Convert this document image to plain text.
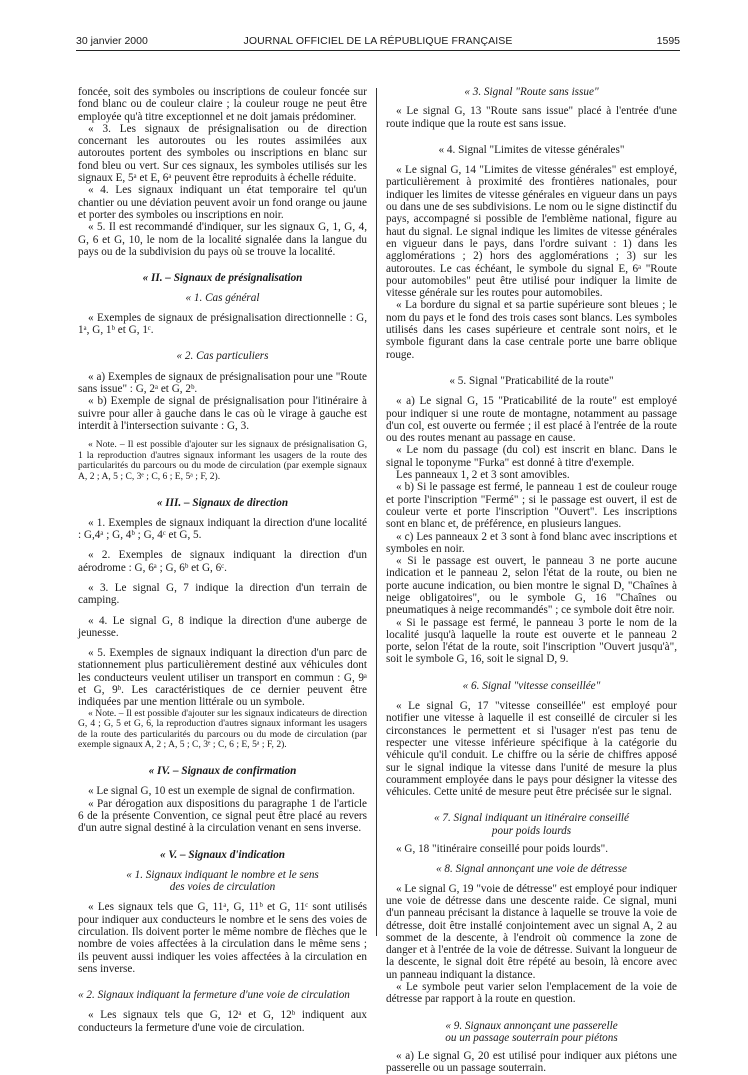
30 janvier 2000	JOURNAL OFFICIEL DE LA RÉPUBLIQUE FRANÇAISE	1595

foncée, soit des symboles ou inscriptions de couleur foncée sur fond blanc ou de couleur claire ; la couleur rouge ne peut être employée qu'à titre exceptionnel et ne doit jamais prédominer.

« 3. Les signaux de présignalisation ou de direction concernant les autoroutes ou les routes assimilées aux autoroutes portent des symboles ou inscriptions en blanc sur fond bleu ou vert. Sur ces signaux, les symboles utilisés sur les signaux E, 5ᵃ et E, 6ᵃ peuvent être reproduits à échelle réduite.

« 4. Les signaux indiquant un état temporaire tel qu'un chantier ou une déviation peuvent avoir un fond orange ou jaune et porter des symboles ou inscriptions en noir.

« 5. Il est recommandé d'indiquer, sur les signaux G, 1, G, 4, G, 6 et G, 10, le nom de la localité signalée dans la langue du pays ou de la subdivision du pays où se trouve la localité.

« II. – Signaux de présignalisation

« 1. Cas général

« Exemples de signaux de présignalisation directionnelle : G, 1ᵃ, G, 1ᵇ et G, 1ᶜ.

« 2. Cas particuliers

« a) Exemples de signaux de présignalisation pour une "Route sans issue" : G, 2ᵃ et G, 2ᵇ.

« b) Exemple de signal de présignalisation pour l'itinéraire à suivre pour aller à gauche dans le cas où le virage à gauche est interdit à l'intersection suivante : G, 3.

« Note. – Il est possible d'ajouter sur les signaux de présignalisation G, 1 la reproduction d'autres signaux informant les usagers de la route des particularités du parcours ou du mode de circulation (par exemple signaux A, 2 ; A, 5 ; C, 3ᵉ ; C, 6 ; E, 5ᵃ ; F, 2).

« III. – Signaux de direction

« 1. Exemples de signaux indiquant la direction d'une localité : G,4ᵃ ; G, 4ᵇ ; G, 4ᶜ et G, 5.

« 2. Exemples de signaux indiquant la direction d'un aérodrome : G, 6ᵃ ; G, 6ᵇ et G, 6ᶜ.

« 3. Le signal G, 7 indique la direction d'un terrain de camping.

« 4. Le signal G, 8 indique la direction d'une auberge de jeunesse.

« 5. Exemples de signaux indiquant la direction d'un parc de stationnement plus particulièrement destiné aux véhicules dont les conducteurs veulent utiliser un transport en commun : G, 9ᵃ et G, 9ᵇ. Les caractéristiques de ce dernier peuvent être indiquées par une mention littérale ou un symbole.

« Note. – Il est possible d'ajouter sur les signaux indicateurs de direction G, 4 ; G, 5 et G, 6, la reproduction d'autres signaux informant les usagers de la route des particularités du parcours ou du mode de circulation (par exemple signaux A, 2 ; A, 5 ; C, 3ᵉ ; C, 6 ; E, 5ᵃ ; F, 2).

« IV. – Signaux de confirmation

« Le signal G, 10 est un exemple de signal de confirmation.

« Par dérogation aux dispositions du paragraphe 1 de l'article 6 de la présente Convention, ce signal peut être placé au revers d'un autre signal destiné à la circulation venant en sens inverse.

« V. – Signaux d'indication

« 1. Signaux indiquant le nombre et le sens

des voies de circulation

« Les signaux tels que G, 11ᵃ, G, 11ᵇ et G, 11ᶜ sont utilisés pour indiquer aux conducteurs le nombre et le sens des voies de circulation. Ils doivent porter le même nombre de flèches que le nombre de voies affectées à la circulation dans le même sens ; ils peuvent aussi indiquer les voies affectées à la circulation en sens inverse.

« 2. Signaux indiquant la fermeture d'une voie de circulation

« Les signaux tels que G, 12ᵃ et G, 12ᵇ indiquent aux conducteurs la fermeture d'une voie de circulation.

« 3. Signal "Route sans issue"

« Le signal G, 13 "Route sans issue" placé à l'entrée d'une route indique que la route est sans issue.

« 4. Signal "Limites de vitesse générales"

« Le signal G, 14 "Limites de vitesse générales" est employé, particulièrement à proximité des frontières nationales, pour indiquer les limites de vitesse générales en vigueur dans un pays ou dans une de ses subdivisions. Le nom ou le signe distinctif du pays, accompagné si possible de l'emblème national, figure au haut du signal. Le signal indique les limites de vitesse générales en vigueur dans le pays, dans l'ordre suivant : 1) dans les agglomérations ; 2) hors des agglomérations ; 3) sur les autoroutes. Le cas échéant, le symbole du signal E, 6ᵃ "Route pour automobiles" peut être utilisé pour indiquer la limite de vitesse générale sur les routes pour automobiles.

« La bordure du signal et sa partie supérieure sont bleues ; le nom du pays et le fond des trois cases sont blancs. Les symboles utilisés dans les cases supérieure et centrale sont noirs, et le symbole figurant dans la case centrale porte une barre oblique rouge.

« 5. Signal "Praticabilité de la route"

« a) Le signal G, 15 "Praticabilité de la route" est employé pour indiquer si une route de montagne, notamment au passage d'un col, est ouverte ou fermée ; il est placé à l'entrée de la route ou des routes menant au passage en cause.

« Le nom du passage (du col) est inscrit en blanc. Dans le signal le toponyme "Furka" est donné à titre d'exemple.

Les panneaux 1, 2 et 3 sont amovibles.

« b) Si le passage est fermé, le panneau 1 est de couleur rouge et porte l'inscription "Fermé" ; si le passage est ouvert, il est de couleur verte et porte l'inscription "Ouvert". Les inscriptions sont en blanc et, de préférence, en plusieurs langues.

« c) Les panneaux 2 et 3 sont à fond blanc avec inscriptions et symboles en noir.

« Si le passage est ouvert, le panneau 3 ne porte aucune indication et le panneau 2, selon l'état de la route, ou bien ne porte aucune indication, ou bien montre le signal D, "Chaînes à neige obligatoires", ou le symbole G, 16 "Chaînes ou pneumatiques à neige recommandés" ; ce symbole doit être noir.

« Si le passage est fermé, le panneau 3 porte le nom de la localité jusqu'à laquelle la route est ouverte et le panneau 2 porte, selon l'état de la route, soit l'inscription "Ouvert jusqu'à", soit le symbole G, 16, soit le signal D, 9.

« 6. Signal "vitesse conseillée"

« Le signal G, 17 "vitesse conseillée" est employé pour notifier une vitesse à laquelle il est conseillé de circuler si les circonstances le permettent et si l'usager n'est pas tenu de respecter une vitesse inférieure spécifique à la catégorie du véhicule qu'il conduit. Le chiffre ou la série de chiffres apposé sur le signal indique la vitesse dans l'unité de mesure la plus couramment employée dans le pays pour désigner la vitesse des véhicules. Cette unité de mesure peut être précisée sur le signal.

« 7. Signal indiquant un itinéraire conseillé

pour poids lourds

« G, 18 "itinéraire conseillé pour poids lourds".

« 8. Signal annonçant une voie de détresse

« Le signal G, 19 "voie de détresse" est employé pour indiquer une voie de détresse dans une descente raide. Ce signal, muni d'un panneau précisant la distance à laquelle se trouve la voie de détresse, doit être installé conjointement avec un signal A, 2 au sommet de la descente, à l'endroit où commence la zone de danger et à l'entrée de la voie de détresse. Suivant la longueur de la descente, le signal doit être répété au besoin, là encore avec un panneau indiquant la distance.

« Le symbole peut varier selon l'emplacement de la voie de détresse par rapport à la route en question.

« 9. Signaux annonçant une passerelle

ou un passage souterrain pour piétons

« a) Le signal G, 20 est utilisé pour indiquer aux piétons une passerelle ou un passage souterrain.
